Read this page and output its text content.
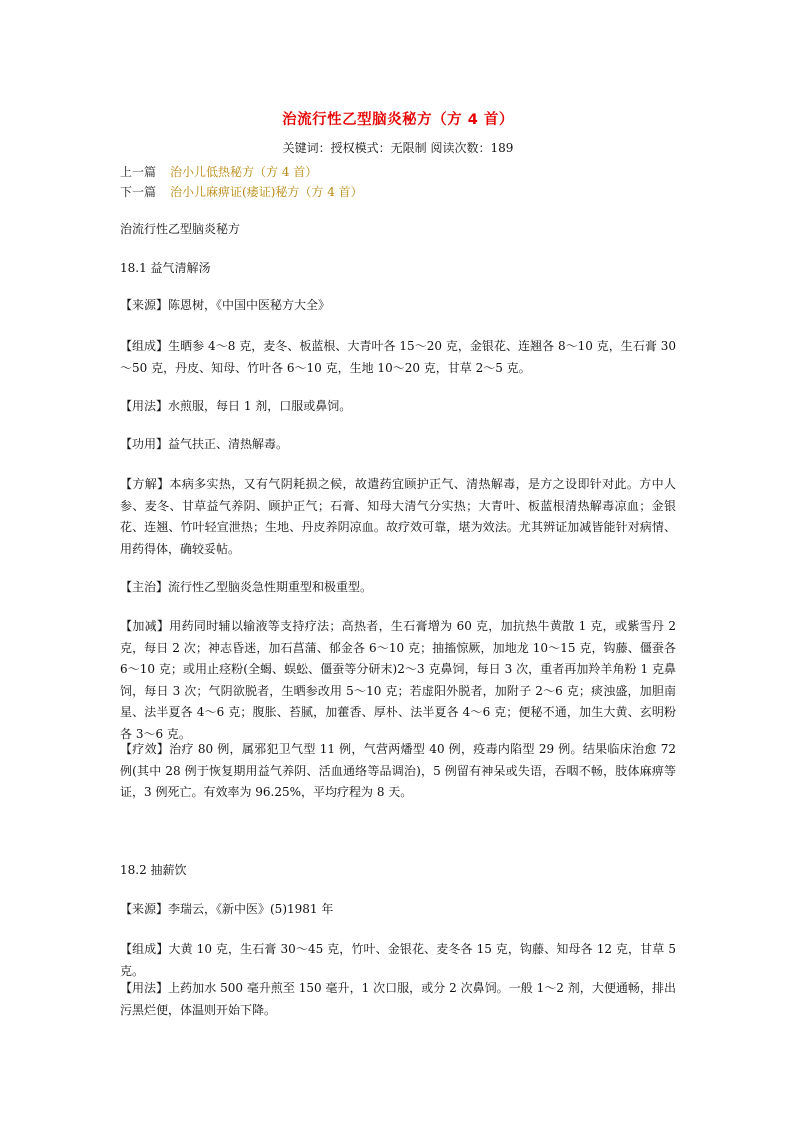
治流行性乙型脑炎秘方（方 4 首）
关键词：授权模式：无限制 阅读次数：189
上一篇 治小儿低热秘方（方 4 首）
下一篇 治小儿麻痹证(痿证)秘方（方 4 首）
治流行性乙型脑炎秘方
18.1 益气清解汤
【来源】陈恩树，《中国中医秘方大全》
【组成】生晒参 4～8 克，麦冬、板蓝根、大青叶各 15～20 克，金银花、连翘各 8～10 克，生石膏 30～50 克，丹皮、知母、竹叶各 6～10 克，生地 10～20 克，甘草 2～5 克。
【用法】水煎服，每日 1 剂，口服或鼻饲。
【功用】益气扶正、清热解毒。
【方解】本病多实热，又有气阴耗损之候，故遣药宜顾护正气、清热解毒，是方之设即针对此。方中人参、麦冬、甘草益气养阴、顾护正气；石膏、知母大清气分实热；大青叶、板蓝根清热解毒凉血；金银花、连翘、竹叶轻宣泄热；生地、丹皮养阴凉血。故疗效可靠，堪为效法。尤其辨证加减皆能针对病情、用药得体，确较妥帖。
【主治】流行性乙型脑炎急性期重型和极重型。
【加减】用药同时辅以输液等支持疗法；高热者，生石膏增为 60 克，加抗热牛黄散 1 克，或紫雪丹 2 克，每日 2 次；神志昏迷，加石菖蒲、郁金各 6～10 克；抽搐惊厥，加地龙 10～15 克，钩藤、僵蚕各 6～10 克；或用止痉粉(全蝎、蜈蚣、僵蚕等分研末)2～3 克鼻饲，每日 3 次，重者再加羚羊角粉 1 克鼻饲，每日 3 次；气阴欲脱者，生晒参改用 5～10 克；若虚阳外脱者，加附子 2～6 克；痰浊盛，加胆南星、法半夏各 4～6 克；腹胀、苔腻，加藿香、厚朴、法半夏各 4～6 克；便秘不通，加生大黄、玄明粉各 3～6 克。
【疗效】治疗 80 例，属邪犯卫气型 11 例，气营两燔型 40 例，疫毒内陷型 29 例。结果临床治愈 72 例(其中 28 例于恢复期用益气养阴、活血通络等品调治)，5 例留有神呆或失语，吞咽不畅，肢体麻痹等证，3 例死亡。有效率为 96.25%，平均疗程为 8 天。
18.2 抽薪饮
【来源】李瑞云，《新中医》(5)1981 年
【组成】大黄 10 克，生石膏 30～45 克，竹叶、金银花、麦冬各 15 克，钩藤、知母各 12 克，甘草 5 克。
【用法】上药加水 500 毫升煎至 150 毫升，1 次口服，或分 2 次鼻饲。一般 1～2 剂，大便通畅，排出污黑烂便，体温则开始下降。
